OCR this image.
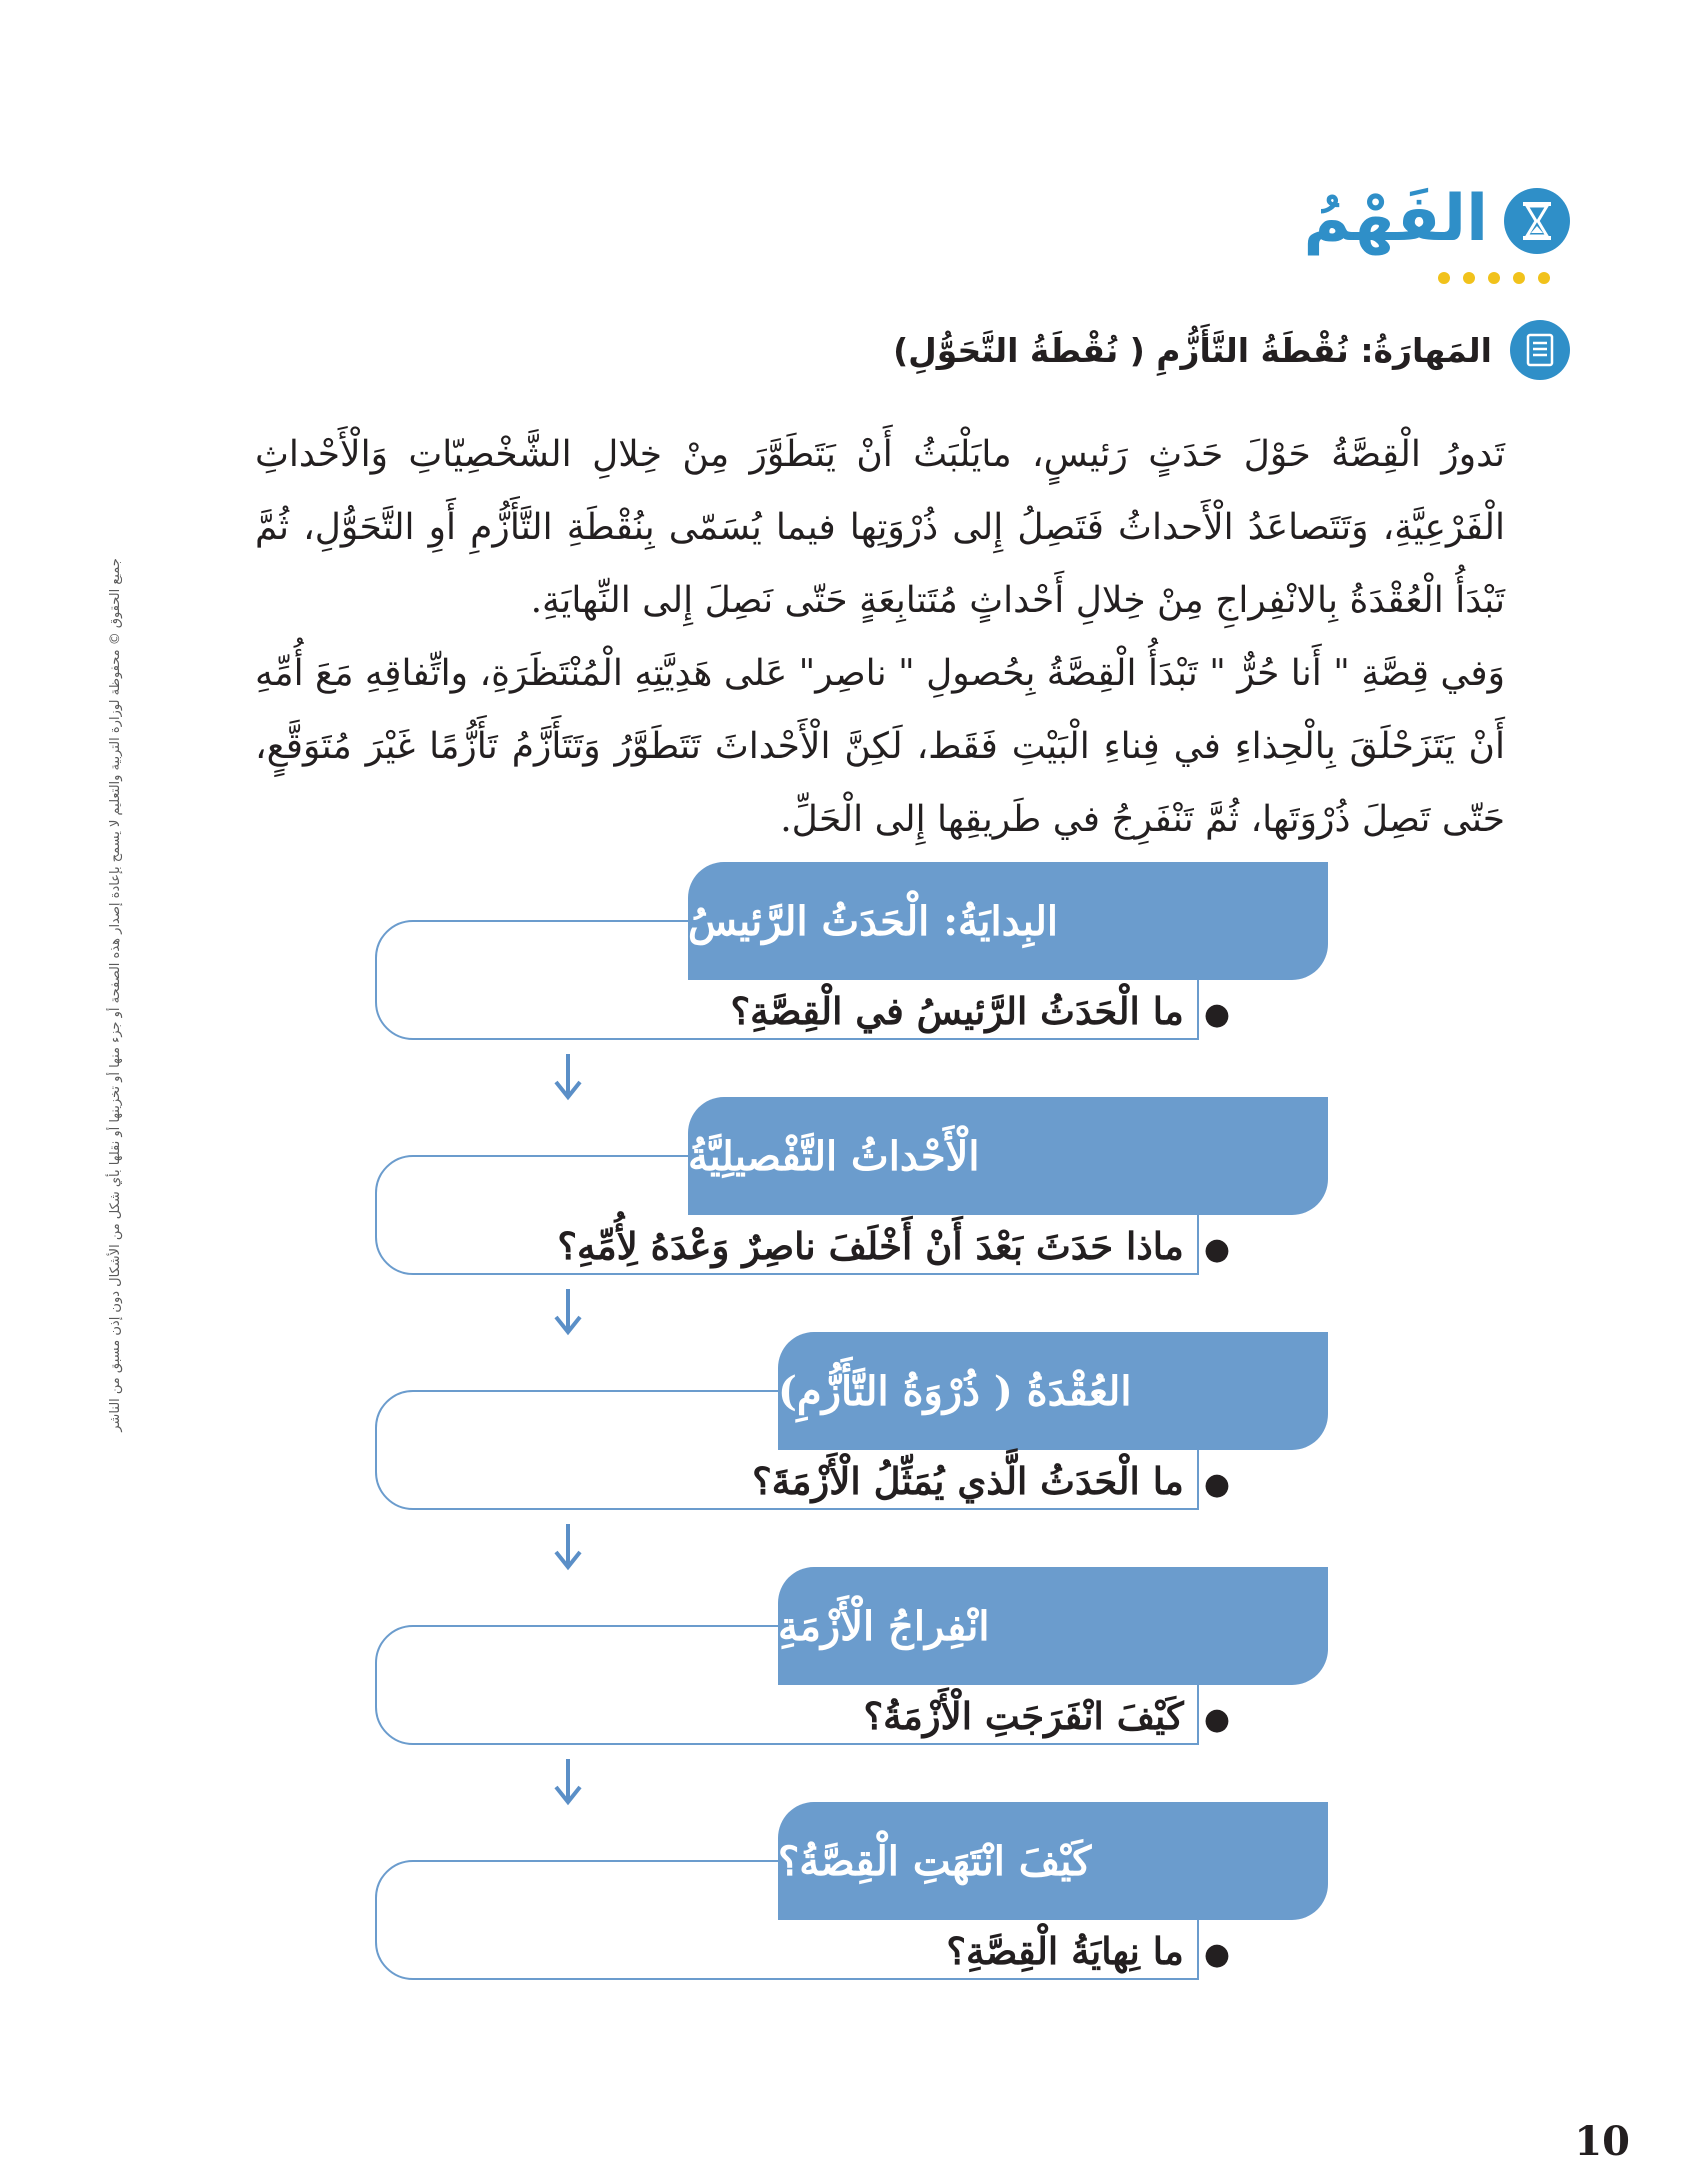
جميع الحقوق © محفوظة لوزارة التربية والتعليم لا يسمح بإعادة إصدار هذه الصفحة أو جزء منها أو تخزينها أو نقلها بأي شكل من الأشكال دون إذن مسبق من الناشر
الفَهْمُ
المَهارَةُ: نُقْطَةُ التَّأَزُّمِ ( نُقْطَةُ التَّحَوُّلِ)

تَدورُ الْقِصَّةُ حَوْلَ حَدَثٍ رَئيسٍ، مايَلْبَثُ أَنْ يَتَطَوَّرَ مِنْ خِلالِ الشَّخْصِيّاتِ وَالْأَحْداثِ الْفَرْعِيَّةِ، وَتَتَصاعَدُ الْأَحداثُ فَتَصِلُ إِلى ذُرْوَتِها فيما يُسَمّى بِنُقْطَةِ التَّأَزُّمِ أَوِ التَّحَوُّلِ، ثُمَّ تَبْدَأُ الْعُقْدَةُ بِالانْفِراجِ مِنْ خِلالِ أَحْداثٍ مُتَتابِعَةٍ حَتّى نَصِلَ إِلى النِّهايَةِ.

وَفي قِصَّةِ " أَنا حُرٌّ " تَبْدَأُ الْقِصَّةُ بِحُصولِ " ناصِر" عَلى هَدِيَّتِهِ الْمُنْتَظَرَةِ، واتِّفاقِهِ مَعَ أُمِّهِ أَنْ يَتَزَحْلَقَ بِالْحِذاءِ في فِناءِ الْبَيْتِ فَقَط، لَكِنَّ الْأَحْداثَ تَتَطَوَّرُ وَتَتَأَزَّمُ تَأَزُّمًا غَيْرَ مُتَوَقَّعٍ، حَتّى تَصِلَ ذُرْوَتَها، ثُمَّ تَنْفَرِجُ في طَريقِها إِلى الْحَلِّ.

البِدايَةُ: الْحَدَثُ الرَّئيسُ
●ما الْحَدَثُ الرَّئيسُ في الْقِصَّةِ؟
الْأَحْداثُ التَّفْصيلِيَّةُ
●ماذا حَدَثَ بَعْدَ أَنْ أَخْلَفَ ناصِرٌ وَعْدَهُ لِأُمِّهِ؟
العُقْدَةُ ( ذُرْوَةُ التَّأَزُّمِ)
●ما الْحَدَثُ الَّذي يُمَثِّلُ الْأَزْمَةَ؟
انْفِراجُ الْأَزْمَةِ
●كَيْفَ انْفَرَجَتِ الْأَزْمَةُ؟
كَيْفَ انْتَهَتِ الْقِصَّةُ؟
●ما نِهايَةُ الْقِصَّةِ؟
10
